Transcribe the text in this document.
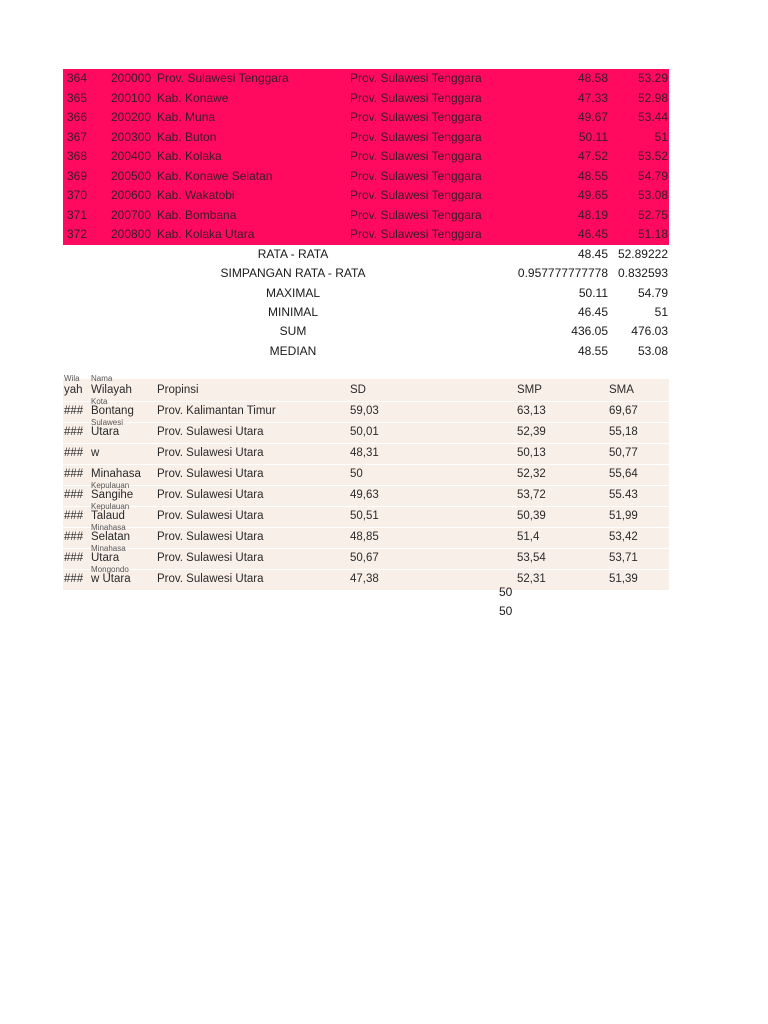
364 200000 Prov. Sulawesi Tenggara	Prov. Sulawesi Tenggara	48.58 53.29
365 200100 Kab. Konawe	Prov. Sulawesi Tenggara	47.33 52.98
366 200200 Kab. Muna	Prov. Sulawesi Tenggara	49.67 53.44
367 200300 Kab. Buton	Prov. Sulawesi Tenggara	50.11	51
368 200400 Kab. Kolaka	Prov. Sulawesi Tenggara	47.52 53.52
369 200500 Kab. Konawe Selatan	Prov. Sulawesi Tenggara	48.55 54.79
370 200600 Kab. Wakatobi	Prov. Sulawesi Tenggara	49.65 53.08
371 200700 Kab. Bombana	Prov. Sulawesi Tenggara	48.19 52.75
372 200800 Kab. Kolaka Utara	Prov. Sulawesi Tenggara	46.45 51.18
RATA - RATA	48.45 52.89222
SIMPANGAN RATA - RATA	0.957777777778 0.832593
MAXIMAL	50.11 54.79
MINIMAL	46.45	51
SUM	436.05 476.03
MEDIAN	48.55 53.08
Wila Nama
yah Wilayah Propinsi	SD	SMP	SMA
Kota
### Bontang Prov. Kalimantan Timur	59,03	63,13	69,67
Sulawesi
### Utara	Prov. Sulawesi Utara	50,01	52,39	55,18
### w	Prov. Sulawesi Utara	48,31	50,13	50,77
### Minahasa Prov. Sulawesi Utara	50	52,32	55,64
Kepulauan
### Sangihe Prov. Sulawesi Utara	49,63	53,72	55.43
Kepulauan
### Talaud	Prov. Sulawesi Utara	50,51	50,39	51,99
Minahasa
### Selatan Prov. Sulawesi Utara	48,85	51,4	53,42
Minahasa
### Utara	Prov. Sulawesi Utara	50,67	53,54	53,71
Mongondo
### w Utara Prov. Sulawesi Utara	47,38	52,31	51,39
50
50
